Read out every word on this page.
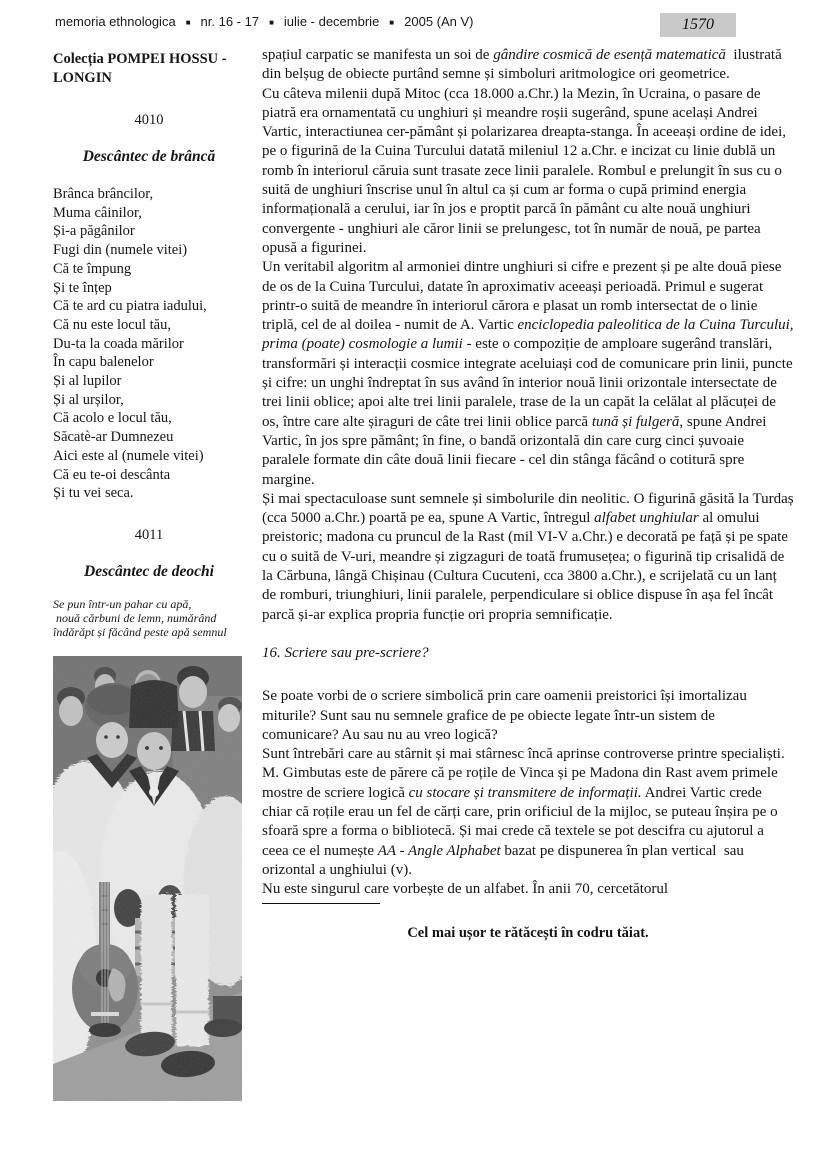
memoria ethnologica ■ nr. 16 - 17 ■ iulie - decembrie ■ 2005 (An V)	1570
Colecția POMPEI HOSSU - LONGIN
4010
Descântec de brâncă
Brânca brâncilor,
Muma câinilor,
Și-a păgânilor
Fugi din (numele vitei)
Că te împung
Și te înțep
Că te ard cu piatra iadului,
Că nu este locul tău,
Du-ta la coada mărilor
În capu balenelor
Și al lupilor
Și al urșilor,
Că acolo e locul tău,
Săcatè-ar Dumnezeu
Aici este al (numele vitei)
Că eu te-oi descânta
Și tu vei seca.
4011
Descântec de deochi
Se pun într-un pahar cu apă,
nouă cărbuni de lemn, numărând
îndărăpt și făcând peste apă semnul

spațiul carpatic se manifesta un soi de gândire cosmică de esență matematică  ilustrată din belșug de obiecte purtând semne și simboluri aritmologice ori geometrice.

Cu câteva milenii după Mitoc (cca 18.000 a.Chr.) la Mezin, în Ucraina, o pasare de piatră era ornamentată cu unghiuri și meandre roșii sugerând, spune același Andrei Vartic, interactiunea cer-pământ și polarizarea dreapta-stanga. În aceeași ordine de idei, pe o figurină de la Cuina Turcului datată mileniul 12 a.Chr. e incizat cu linie dublă un romb în interiorul căruia sunt trasate zece linii paralele. Rombul e prelungit în sus cu o suită de unghiuri înscrise unul în altul ca și cum ar forma o cupă primind energia informațională a cerului, iar în jos e proptit parcă în pământ cu alte nouă unghiuri convergente - unghiuri ale căror linii se prelungesc, tot în număr de nouă, pe partea opusă a figurinei.

Un veritabil algoritm al armoniei dintre unghiuri si cifre e prezent și pe alte două piese de os de la Cuina Turcului, datate în aproximativ aceeași perioadă. Primul e sugerat printr-o suită de meandre în interiorul cărora e plasat un romb intersectat de o linie triplă, cel de al doilea - numit de A. Vartic enciclopedia paleolitica de la Cuina Turcului, prima (poate) cosmologie a lumii - este o compoziție de amploare sugerând translări, transformări și interacții cosmice integrate aceluiași cod de comunicare prin linii, puncte și cifre: un unghi îndreptat în sus având în interior nouă linii orizontale intersectate de trei linii oblice; apoi alte trei linii paralele, trase de la un capăt la celălat al plăcuței de os, între care alte șiraguri de câte trei linii oblice parcă tună și fulgeră, spune Andrei Vartic, în jos spre pământ; în fine, o bandă orizontală din care curg cinci șuvoaie paralele formate din câte două linii fiecare - cel din stânga făcând o cotitură spre margine.

Și mai spectaculoase sunt semnele și simbolurile din neolitic. O figurină găsită la Turdaș (cca 5000 a.Chr.) poartă pe ea, spune A Vartic, întregul alfabet unghiular al omului preistoric; madona cu pruncul de la Rast (mil VI-V a.Chr.) e decorată pe față și pe spate cu o suită de V-uri, meandre și zigzaguri de toată frumusețea; o figurină tip crisalidă de la Cărbuna, lângă Chișinau (Cultura Cucuteni, cca 3800 a.Chr.), e scrijelată cu un lanț de romburi, triunghiuri, linii paralele, perpendiculare si oblice dispuse în așa fel încât parcă și-ar explica propria funcție ori propria semnificație.

16. Scriere sau pre-scriere?

Se poate vorbi de o scriere simbolică prin care oamenii preistorici își imortalizau miturile? Sunt sau nu semnele grafice de pe obiecte legate într-un sistem de comunicare? Au sau nu au vreo logică?

Sunt întrebări care au stârnit și mai stârnesc încă aprinse controverse printre specialiști. M. Gimbutas este de părere că pe roțile de Vinca și pe Madona din Rast avem primele mostre de scriere logică cu stocare și transmitere de informații. Andrei Vartic crede chiar că roțile erau un fel de cărți care, prin orificiul de la mijloc, se puteau înșira pe o sfoară spre a forma o bibliotecă. Și mai crede că textele se pot descifra cu ajutorul a ceea ce el numește AA - Angle Alphabet bazat pe dispunerea în plan vertical  sau orizontal a unghiului (v).

Nu este singurul care vorbește de un alfabet. În anii 70, cercetătorul

Cel mai ușor te rătăcești în codru tăiat.
